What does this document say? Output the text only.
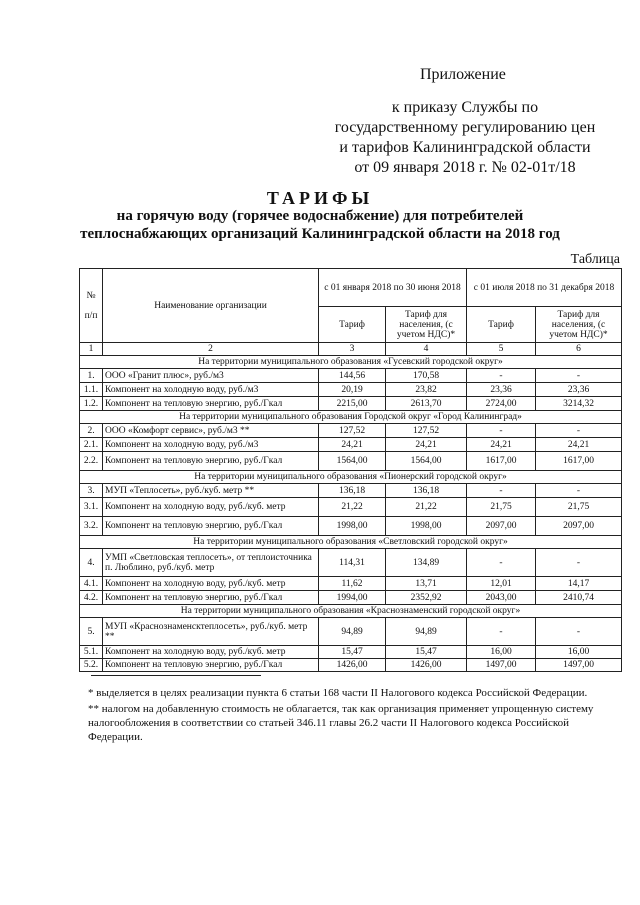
Приложение
к приказу Службы по
государственному регулированию цен
и тарифов Калининградской области
от 09 января 2018 г. № 02-01т/18
ТАРИФЫ
на горячую воду (горячее водоснабжение) для потребителей
теплоснабжающих организаций Калининградской области на 2018 год
Таблица
№

п/п	Наименование организации	с 01 января 2018 по 30 июня 2018		с 01 июля 2018 по 31 декабря 2018	
		Тариф	Тариф для населения, (с учетом НДС)*	Тариф	Тариф для населения, (с учетом НДС)*
1	2	3	4	5	6
На территории муниципального образования «Гусевский городской округ»					
1.	ООО «Гранит плюс», руб./м3	144,56	170,58	-	-
1.1.	Компонент на холодную воду, руб./м3	20,19	23,82	23,36	23,36
1.2.	Компонент на тепловую энергию, руб./Гкал	2215,00	2613,70	2724,00	3214,32
На территории муниципального образования Городской округ «Город Калининград»					
2.	ООО «Комфорт сервис», руб./м3 **	127,52	127,52	-	-
2.1.	Компонент на холодную воду, руб./м3	24,21	24,21	24,21	24,21
2.2.	Компонент на тепловую энергию, руб./Гкал	1564,00	1564,00	1617,00	1617,00
На территории муниципального образования «Пионерский городской округ»					
3.	МУП «Теплосеть», руб./куб. метр **	136,18	136,18	-	-
3.1.	Компонент на холодную воду, руб./куб. метр	21,22	21,22	21,75	21,75
3.2.	Компонент на тепловую энергию, руб./Гкал	1998,00	1998,00	2097,00	2097,00
На территории муниципального образования «Светловский городской округ»					
4.	УМП «Светловская теплосеть», от теплоисточника п. Люблино, руб./куб. метр	114,31	134,89	-	-
4.1.	Компонент на холодную воду, руб./куб. метр	11,62	13,71	12,01	14,17
4.2.	Компонент на тепловую энергию, руб./Гкал	1994,00	2352,92	2043,00	2410,74
На территории муниципального образования «Краснознаменский городской округ»					
5.	МУП «Краснознаменсктеплосеть», руб./куб. метр **	94,89	94,89	-	-
5.1.	Компонент на холодную воду, руб./куб. метр	15,47	15,47	16,00	16,00
5.2.	Компонент на тепловую энергию, руб./Гкал	1426,00	1426,00	1497,00	1497,00

* выделяется в целях реализации пункта 6 статьи 168 части II Налогового кодекса Российской Федерации.

** налогом на добавленную стоимость не облагается, так как организация применяет упрощенную систему налогообложения в соответствии со статьей 346.11 главы 26.2 части II Налогового кодекса Российской Федерации.
